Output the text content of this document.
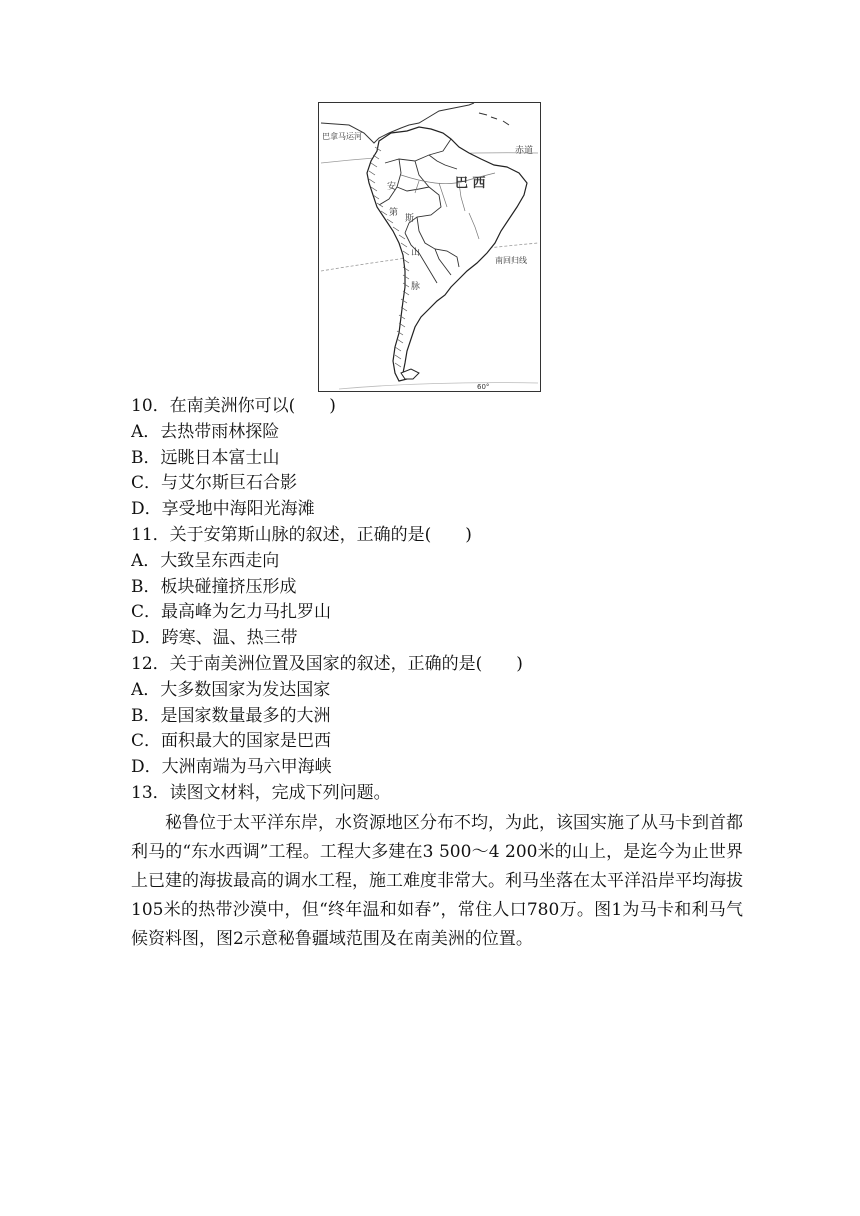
巴拿马运河
赤道
巴 西
南回归线
安
第
斯
山
脉
60°
10．在南美洲你可以(　　)
A．去热带雨林探险
B．远眺日本富士山
C．与艾尔斯巨石合影
D．享受地中海阳光海滩
11．关于安第斯山脉的叙述，正确的是(　　)
A．大致呈东西走向
B．板块碰撞挤压形成
C．最高峰为乞力马扎罗山
D．跨寒、温、热三带
12．关于南美洲位置及国家的叙述，正确的是(　　)
A．大多数国家为发达国家
B．是国家数量最多的大洲
C．面积最大的国家是巴西
D．大洲南端为马六甲海峡
13．读图文材料，完成下列问题。
秘鲁位于太平洋东岸，水资源地区分布不均，为此，该国实施了从马卡到首都利马的“东水西调”工程。工程大多建在3 500～4 200米的山上，是迄今为止世界上已建的海拔最高的调水工程，施工难度非常大。利马坐落在太平洋沿岸平均海拔105米的热带沙漠中，但“终年温和如春”，常住人口780万。图1为马卡和利马气候资料图，图2示意秘鲁疆域范围及在南美洲的位置。
